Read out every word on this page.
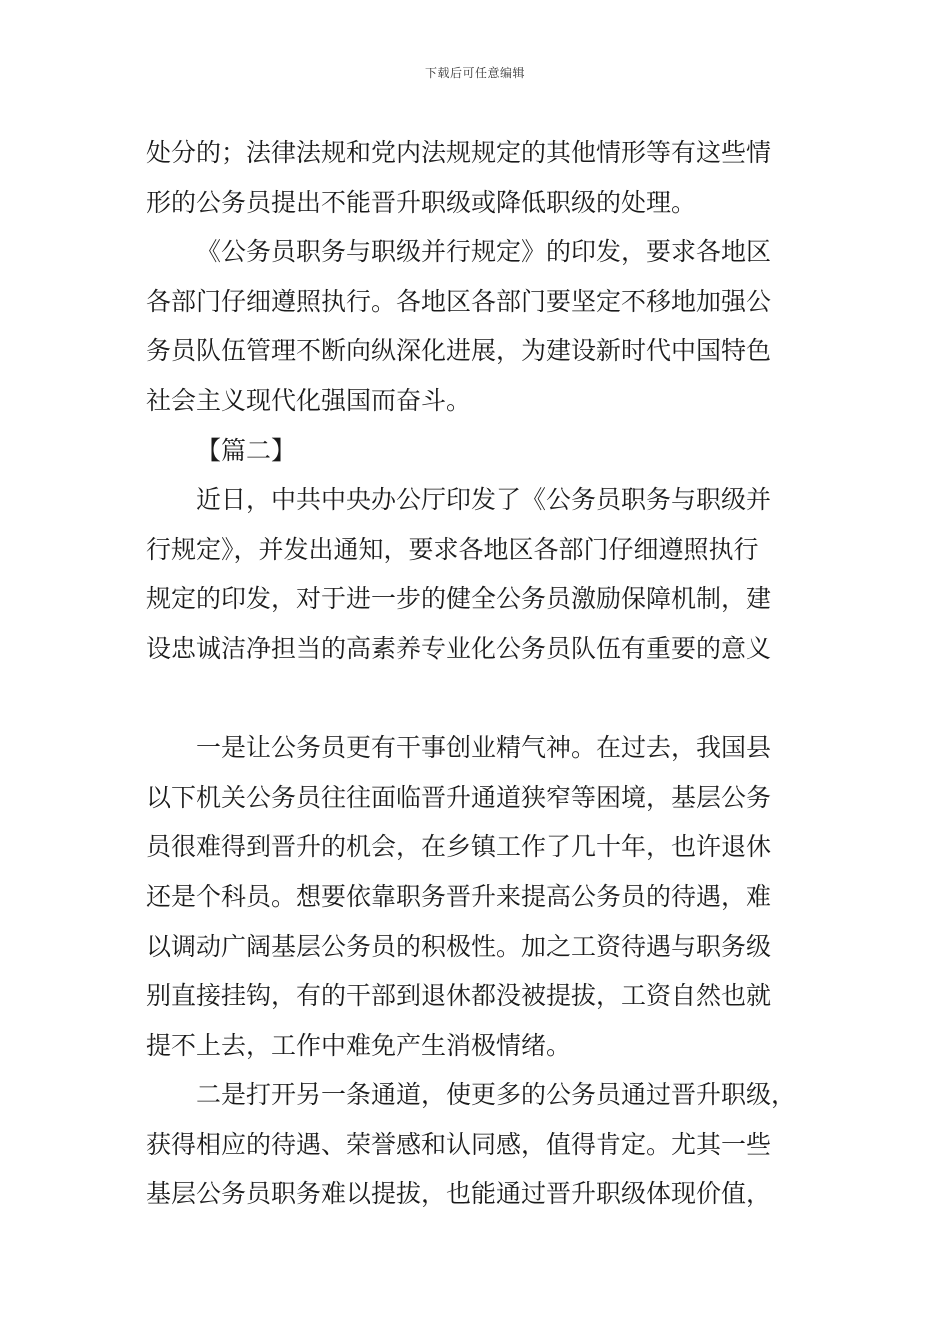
下载后可任意编辑
处分的；法律法规和党内法规规定的其他情形等有这些情
形的公务员提出不能晋升职级或降低职级的处理。
《公务员职务与职级并行规定》的印发，要求各地区
各部门仔细遵照执行。各地区各部门要坚定不移地加强公
务员队伍管理不断向纵深化进展，为建设新时代中国特色
社会主义现代化强国而奋斗。
【篇二】
近日，中共中央办公厅印发了《公务员职务与职级并
行规定》，并发出通知，要求各地区各部门仔细遵照执行
规定的印发，对于进一步的健全公务员激励保障机制，建
设忠诚洁净担当的高素养专业化公务员队伍有重要的意义
一是让公务员更有干事创业精气神。在过去，我国县
以下机关公务员往往面临晋升通道狭窄等困境，基层公务
员很难得到晋升的机会，在乡镇工作了几十年，也许退休
还是个科员。想要依靠职务晋升来提高公务员的待遇，难
以调动广阔基层公务员的积极性。加之工资待遇与职务级
别直接挂钩，有的干部到退休都没被提拔，工资自然也就
提不上去，工作中难免产生消极情绪。
二是打开另一条通道，使更多的公务员通过晋升职级，
获得相应的待遇、荣誉感和认同感，值得肯定。尤其一些
基层公务员职务难以提拔，也能通过晋升职级体现价值，
